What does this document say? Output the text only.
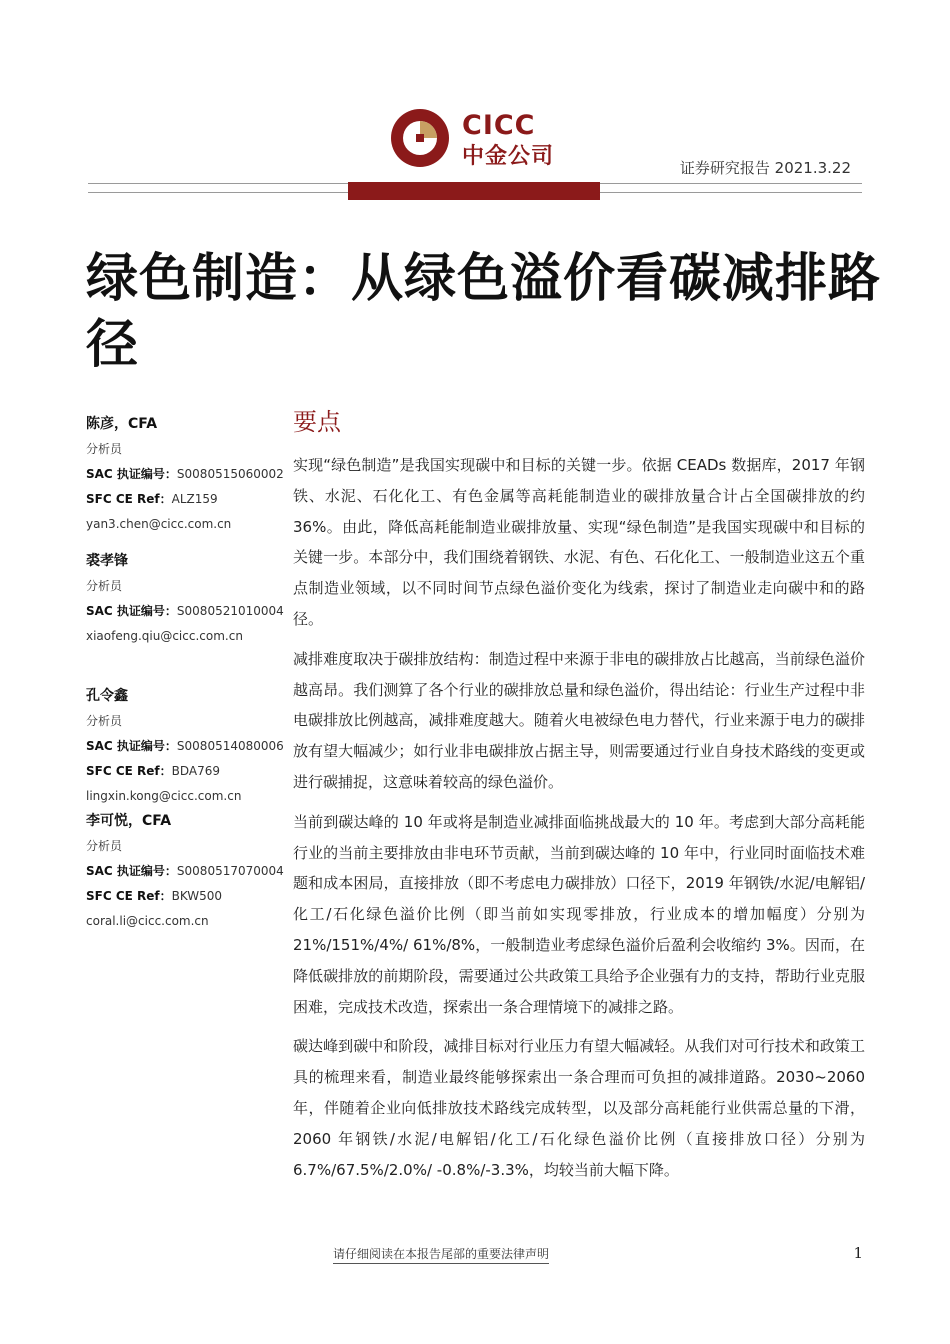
CICC
中金公司	证券研究报告 2021.3.22
绿色制造：从绿色溢价看碳减排路径
陈彦，CFA
分析员
SAC 执证编号：S0080515060002
SFC CE Ref：ALZ159
yan3.chen@cicc.com.cn
裘孝锋
分析员
SAC 执证编号：S0080521010004
xiaofeng.qiu@cicc.com.cn
孔令鑫
分析员
SAC 执证编号：S0080514080006
SFC CE Ref：BDA769
lingxin.kong@cicc.com.cn
李可悦，CFA
分析员
SAC 执证编号：S0080517070004
SFC CE Ref：BKW500
coral.li@cicc.com.cn
要点

实现“绿色制造”是我国实现碳中和目标的关键一步。依据 CEADs 数据库，2017 年钢铁、水泥、石化化工、有色金属等高耗能制造业的碳排放量合计占全国碳排放的约 36%。由此，降低高耗能制造业碳排放量、实现“绿色制造”是我国实现碳中和目标的关键一步。本部分中，我们围绕着钢铁、水泥、有色、石化化工、一般制造业这五个重点制造业领域，以不同时间节点绿色溢价变化为线索，探讨了制造业走向碳中和的路径。

减排难度取决于碳排放结构：制造过程中来源于非电的碳排放占比越高，当前绿色溢价越高昂。我们测算了各个行业的碳排放总量和绿色溢价，得出结论：行业生产过程中非电碳排放比例越高，减排难度越大。随着火电被绿色电力替代，行业来源于电力的碳排放有望大幅减少；如行业非电碳排放占据主导，则需要通过行业自身技术路线的变更或进行碳捕捉，这意味着较高的绿色溢价。

当前到碳达峰的 10 年或将是制造业减排面临挑战最大的 10 年。考虑到大部分高耗能行业的当前主要排放由非电环节贡献，当前到碳达峰的 10 年中，行业同时面临技术难题和成本困局，直接排放（即不考虑电力碳排放）口径下，2019 年钢铁/水泥/电解铝/化工/石化绿色溢价比例（即当前如实现零排放，行业成本的增加幅度）分别为 21%/151%/4%/ 61%/8%，一般制造业考虑绿色溢价后盈利会收缩约 3%。因而，在降低碳排放的前期阶段，需要通过公共政策工具给予企业强有力的支持，帮助行业克服困难，完成技术改造，探索出一条合理情境下的减排之路。

碳达峰到碳中和阶段，减排目标对行业压力有望大幅减轻。从我们对可行技术和政策工具的梳理来看，制造业最终能够探索出一条合理而可负担的减排道路。2030~2060 年，伴随着企业向低排放技术路线完成转型，以及部分高耗能行业供需总量的下滑，2060 年钢铁/水泥/电解铝/化工/石化绿色溢价比例（直接排放口径）分别为 6.7%/67.5%/2.0%/ -0.8%/-3.3%，均较当前大幅下降。

请仔细阅读在本报告尾部的重要法律声明	1
